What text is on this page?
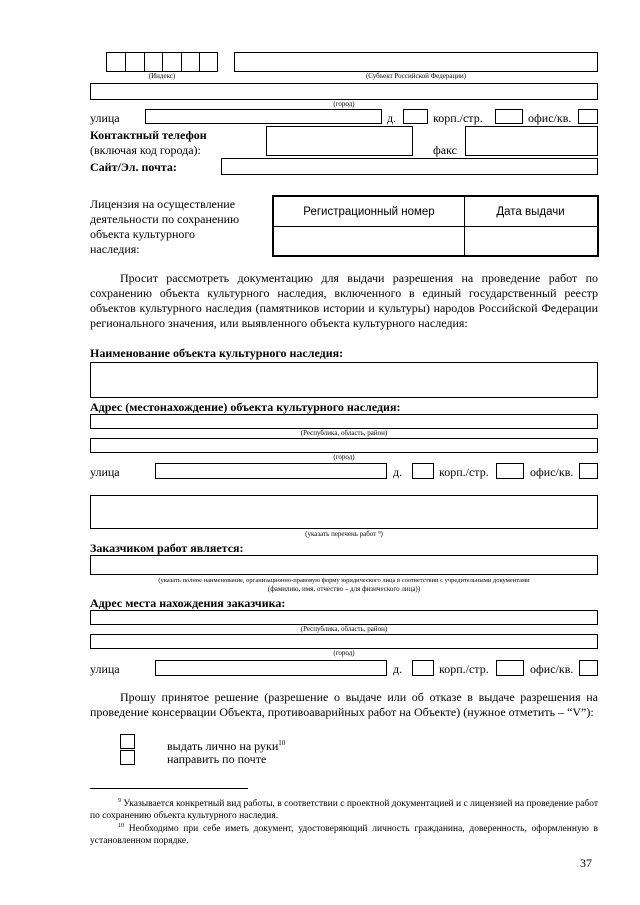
(Индекс)	(Субъект Российской Федерации)
(город)
улица	д.	корп./стр.	офис/кв.
Контактный телефон
(включая код города):	факс
Сайт/Эл. почта:
Лицензия на осуществление
деятельности по сохранению
объекта культурного
наследия:
Регистрационный номер	Дата выдачи
Просит рассмотреть документацию для выдачи разрешения на проведение работ по сохранению объекта культурного наследия, включенного в единый государственный реестр объектов культурного наследия (памятников истории и культуры) народов Российской Федерации регионального значения, или выявленного объекта культурного наследия:
Наименование объекта культурного наследия:
Адрес (местонахождение) объекта культурного наследия:
(Республика, область, район)
(город)
улица	д.	корп./стр.	офис/кв.
(указать перечень работ ⁹)
Заказчиком работ является:
(указать полное наименование, организационно-правовую форму юридического лица в соответствии с учредительными документами
(фамилию, имя, отчество – для физического лица))
Адрес места нахождения заказчика:
(Республика, область, район)
(город)
улица	д.	корп./стр.	офис/кв.
Прошу принятое решение (разрешение о выдаче или об отказе в выдаче разрешения на проведение консервации Объекта, противоаварийных работ на Объекте) (нужное отметить – “V”):
выдать лично на руки$^{10}$
направить по почте
$^9$ Указывается конкретный вид работы, в соответствии с проектной документацией и с лицензией на проведение работ по сохранению объекта культурного наследия.
$^{10}$ Необходимо при себе иметь документ, удостоверяющий личность гражданина, доверенность, оформленную в установленном порядке.
37
